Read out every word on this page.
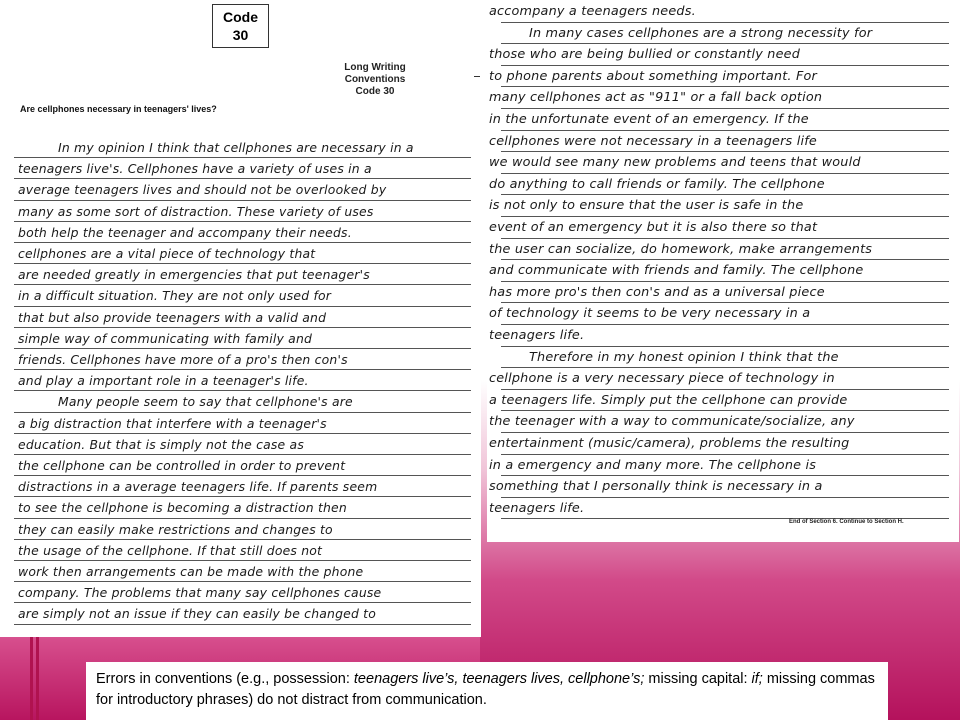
Code
30
Long Writing
Conventions
Code 30
Are cellphones necessary in teenagers' lives?
In my opinion I think that cellphones are necessary in a
teenagers live's. Cellphones have a variety of uses in a
average teenagers lives and should not be overlooked by
many as some sort of distraction. These variety of uses
both help the teenager and accompany their needs.
cellphones are a vital piece of technology that
are needed greatly in emergencies that put teenager's
in a difficult situation. They are not only used for
that but also provide teenagers with a valid and
simple way of communicating with family and
friends. Cellphones have more of a pro's then con's
and play a important role in a teenager's life.
Many people seem to say that cellphone's are
a big distraction that interfere with a teenager's
education. But that is simply not the case as
the cellphone can be controlled in order to prevent
distractions in a average teenagers life. If parents seem
to see the cellphone is becoming a distraction then
they can easily make restrictions and changes to
the usage of the cellphone. If that still does not
work then arrangements can be made with the phone
company. The problems that many say cellphones cause
are simply not an issue if they can easily be changed to
accompany a teenagers needs.
In many cases cellphones are a strong necessity for
those who are being bullied or constantly need
to phone parents about something important. For
many cellphones act as "911" or a fall back option
in the unfortunate event of an emergency. If the
cellphones were not necessary in a teenagers life
we would see many new problems and teens that would
do anything to call friends or family. The cellphone
is not only to ensure that the user is safe in the
event of an emergency but it is also there so that
the user can socialize, do homework, make arrangements
and communicate with friends and family. The cellphone
has more pro's then con's and as a universal piece
of technology it seems to be very necessary in a
teenagers life.
Therefore in my honest opinion I think that the
cellphone is a very necessary piece of technology in
a teenagers life. Simply put the cellphone can provide
the teenager with a way to communicate/socialize, any
entertainment (music/camera), problems the resulting
in a emergency and many more. The cellphone is
something that I personally think is necessary in a
teenagers life.
End of Section 6. Continue to Section H.
Errors in conventions (e.g., possession: teenagers live’s, teenagers lives, cellphone’s; missing capital: if; missing commas for introductory phrases) do not distract from communication.
